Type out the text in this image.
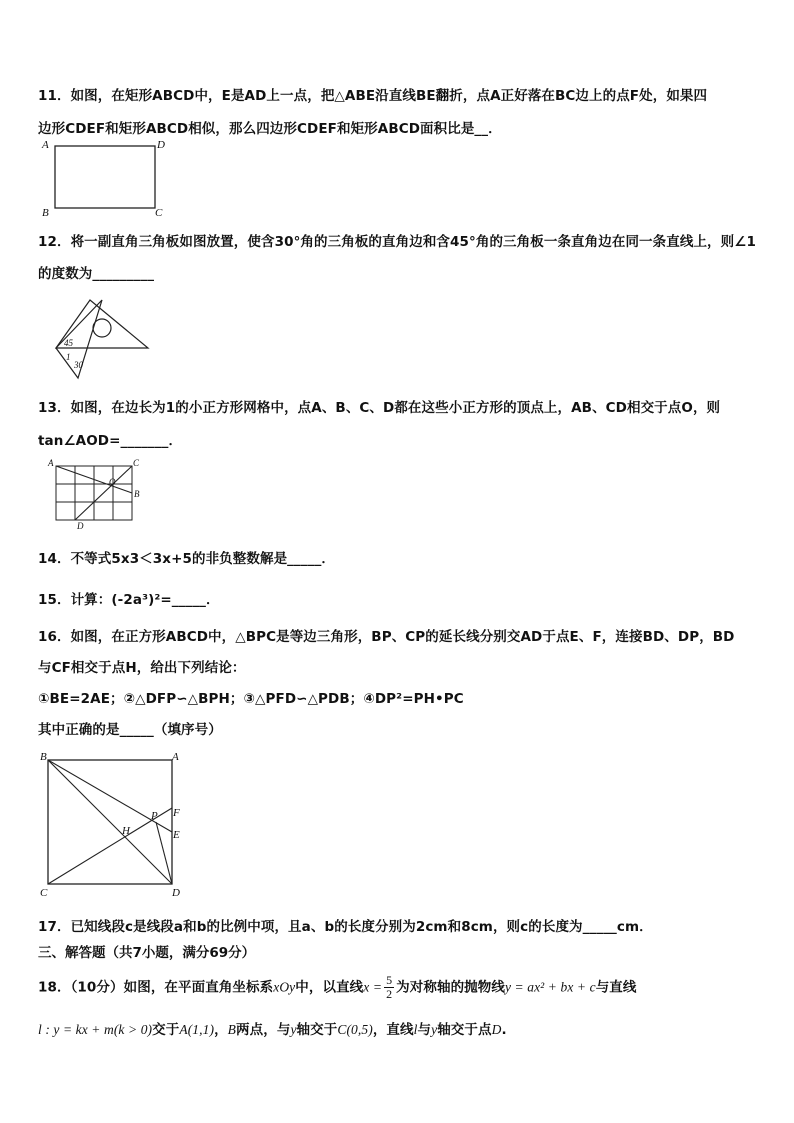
11．如图，在矩形ABCD中，E是AD上一点，把△ABE沿直线BE翻折，点A正好落在BC边上的点F处，如果四
边形CDEF和矩形ABCD相似，那么四边形CDEF和矩形ABCD面积比是__．
A	D
B	C
12．将一副直角三角板如图放置，使含30°角的三角板的直角边和含45°角的三角板一条直角边在同一条直线上，则∠1
的度数为_________
45
1
30
13．如图，在边长为1的小正方形网格中，点A、B、C、D都在这些小正方形的顶点上，AB、CD相交于点O，则
tan∠AOD=_______．
A	C
B
O
D
14．不等式5x3＜3x+5的非负整数解是_____．
15．计算：(-2a³)²=_____．
16．如图，在正方形ABCD中，△BPC是等边三角形，BP、CP的延长线分别交AD于点E、F，连接BD、DP，BD
与CF相交于点H，给出下列结论：
①BE=2AE；②△DFP∽△BPH；③△PFD∽△PDB；④DP²=PH•PC
其中正确的是_____（填序号）
B	A
C	D
F
E
P
H
17．已知线段c是线段a和b的比例中项，且a、b的长度分别为2cm和8cm，则c的长度为_____cm．
三、解答题（共7小题，满分69分）
18．（10分）如图，在平面直角坐标系xOy中，以直线$x = \frac{5}{2}$ 为对称轴的抛物线y = ax² + bx + c与直线
l : y = kx + m(k > 0)交于A(1,1)，B两点，与y轴交于C(0,5)，直线l与y轴交于点D.
